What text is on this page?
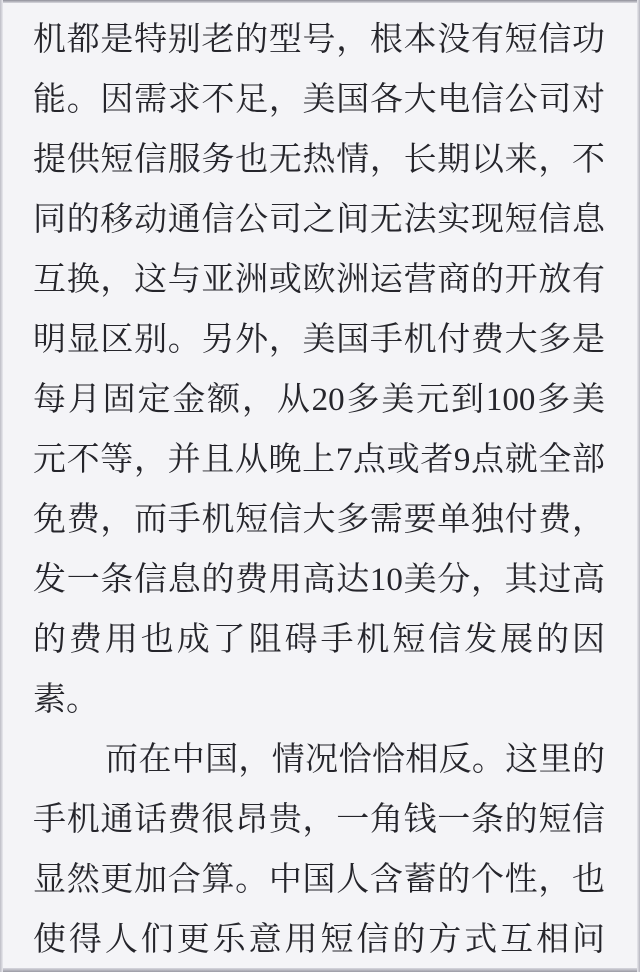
机都是特别老的型号，根本没有短信功
能。因需求不足，美国各大电信公司对
提供短信服务也无热情，长期以来，不
同的移动通信公司之间无法实现短信息
互换，这与亚洲或欧洲运营商的开放有
明显区别。另外，美国手机付费大多是
每月固定金额，从20多美元到100多美
元不等，并且从晚上7点或者9点就全部
免费，而手机短信大多需要单独付费，
发一条信息的费用高达10美分，其过高
的费用也成了阻碍手机短信发展的因
素。
而在中国，情况恰恰相反。这里的
手机通话费很昂贵，一角钱一条的短信
显然更加合算。中国人含蓄的个性，也
使得人们更乐意用短信的方式互相问
